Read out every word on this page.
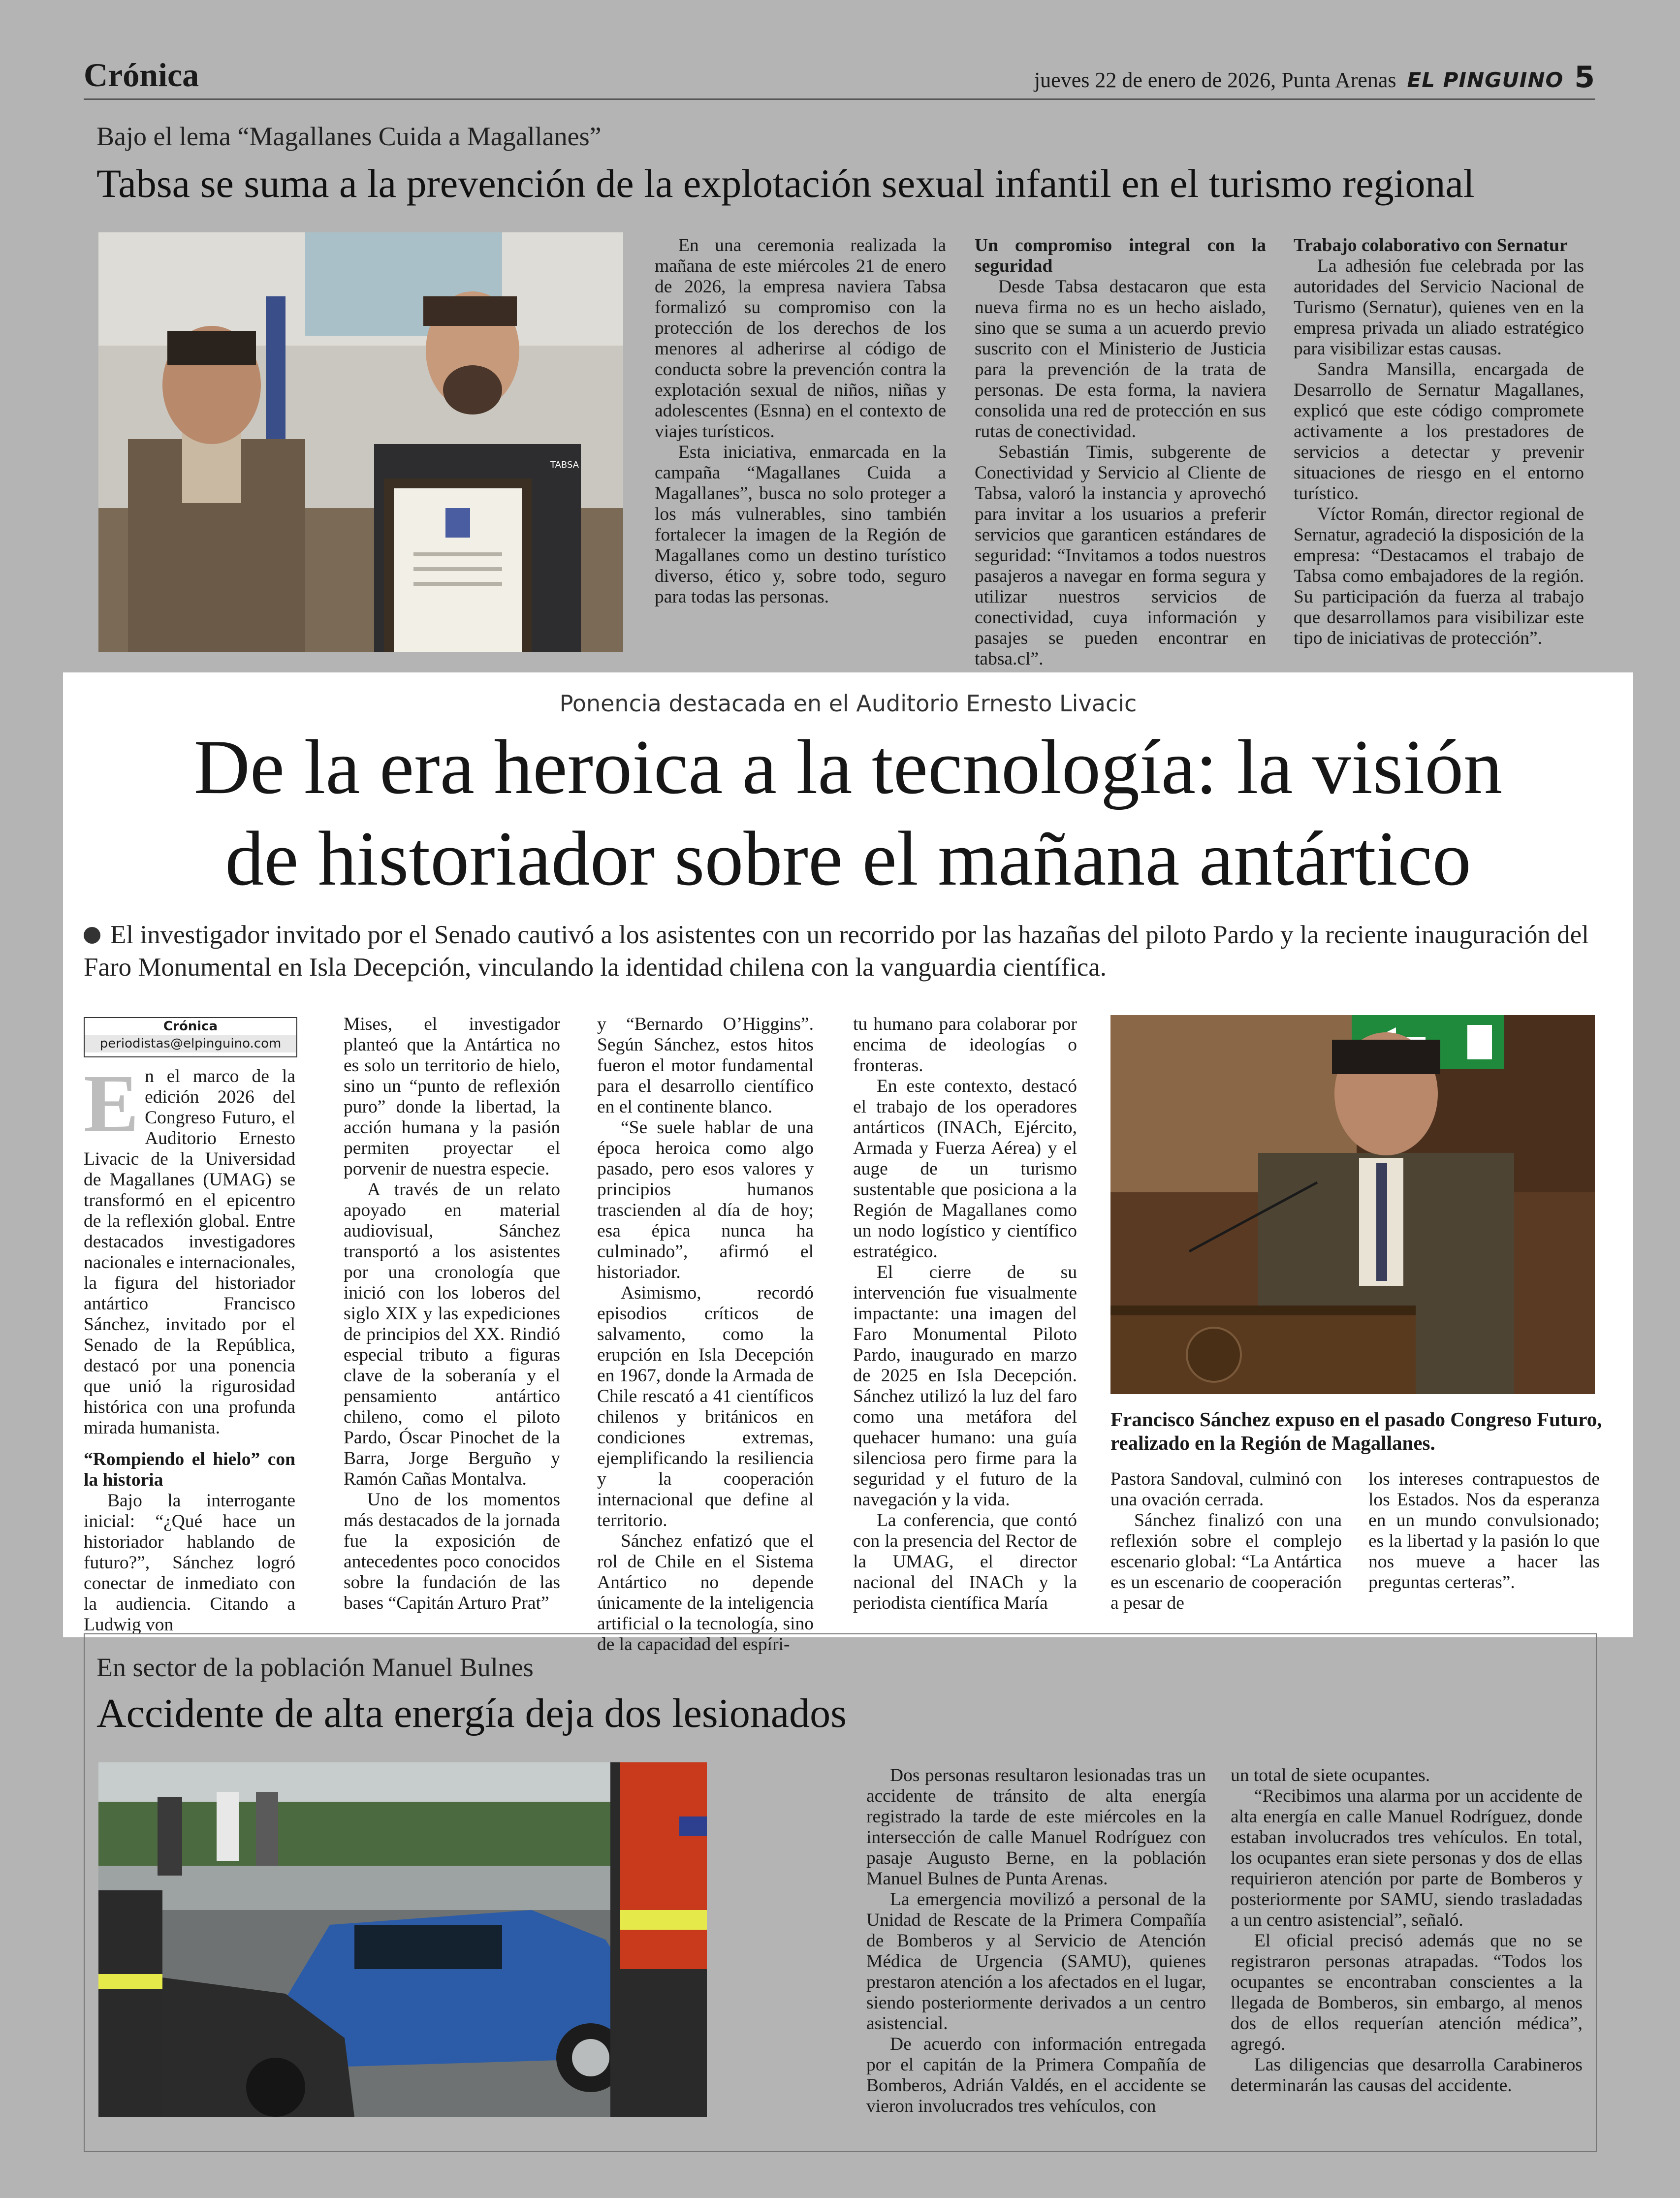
Crónica	jueves 22 de enero de 2026, Punta Arenas EL PINGUINO 5
Bajo el lema “Magallanes Cuida a Magallanes”
Tabsa se suma a la prevención de la explotación sexual infantil en el turismo regional
TABSA

En una ceremonia realizada la mañana de este miércoles 21 de enero de 2026, la empresa naviera Tabsa formalizó su compromiso con la protección de los derechos de los menores al adherirse al código de conducta sobre la prevención contra la explotación sexual de niños, niñas y adolescentes (Esnna) en el contexto de viajes turísticos.

Esta iniciativa, enmarcada en la campaña “Magallanes Cuida a Magallanes”, busca no solo proteger a los más vulnerables, sino también fortalecer la imagen de la Región de Magallanes como un destino turístico diverso, ético y, sobre todo, seguro para todas las personas.

Un compromiso integral con la seguridad

Desde Tabsa destacaron que esta nueva firma no es un hecho aislado, sino que se suma a un acuerdo previo suscrito con el Ministerio de Justicia para la prevención de la trata de personas. De esta forma, la naviera consolida una red de protección en sus rutas de conectividad.

Sebastián Timis, subgerente de Conectividad y Servicio al Cliente de Tabsa, valoró la instancia y aprovechó para invitar a los usuarios a preferir servicios que garanticen estándares de seguridad: “Invitamos a todos nuestros pasajeros a navegar en forma segura y utilizar nuestros servicios de conectividad, cuya información y pasajes se pueden encontrar en tabsa.cl”.

Trabajo colaborativo con Sernatur

La adhesión fue celebrada por las autoridades del Servicio Nacional de Turismo (Sernatur), quienes ven en la empresa privada un aliado estratégico para visibilizar estas causas.

Sandra Mansilla, encargada de Desarrollo de Sernatur Magallanes, explicó que este código compromete activamente a los prestadores de servicios a detectar y prevenir situaciones de riesgo en el entorno turístico.

Víctor Román, director regional de Sernatur, agradeció la disposición de la empresa: “Destacamos el trabajo de Tabsa como embajadores de la región. Su participación da fuerza al trabajo que desarrollamos para visibilizar este tipo de iniciativas de protección”.

Ponencia destacada en el Auditorio Ernesto Livacic
De la era heroica a la tecnología: la visión
de historiador sobre el mañana antártico
El investigador invitado por el Senado cautivó a los asistentes con un recorrido por las hazañas del piloto Pardo y la reciente inauguración del Faro Monumental en Isla Decepción, vinculando la identidad chilena con la vanguardia científica.
Crónica
periodistas@elpinguino.com
E n el marco de la edición 2026 del Congreso Futuro, el Auditorio Ernesto Livacic de la Universidad de Magallanes (UMAG) se transformó en el epicentro de la reflexión global. Entre destacados investigadores nacionales e internacionales, la figura del historiador antártico Francisco Sánchez, invitado por el Senado de la República, destacó por una ponencia que unió la rigurosidad histórica con una profunda mirada humanista.

“Rompiendo el hielo” con la historia

Bajo la interrogante inicial: “¿Qué hace un historiador hablando de futuro?”, Sánchez logró conectar de inmediato con la audiencia. Citando a Ludwig von

Mises, el investigador planteó que la Antártica no es solo un territorio de hielo, sino un “punto de reflexión puro” donde la libertad, la acción humana y la pasión permiten proyectar el porvenir de nuestra especie.

A través de un relato apoyado en material audiovisual, Sánchez transportó a los asistentes por una cronología que inició con los loberos del siglo XIX y las expediciones de principios del XX. Rindió especial tributo a figuras clave de la soberanía y el pensamiento antártico chileno, como el piloto Pardo, Óscar Pinochet de la Barra, Jorge Berguño y Ramón Cañas Montalva.

Uno de los momentos más destacados de la jornada fue la exposición de antecedentes poco conocidos sobre la fundación de las bases “Capitán Arturo Prat”

y “Bernardo O’Higgins”. Según Sánchez, estos hitos fueron el motor fundamental para el desarrollo científico en el continente blanco.

“Se suele hablar de una época heroica como algo pasado, pero esos valores y principios humanos trascienden al día de hoy; esa épica nunca ha culminado”, afirmó el historiador.

Asimismo, recordó episodios críticos de salvamento, como la erupción en Isla Decepción en 1967, donde la Armada de Chile rescató a 41 científicos chilenos y británicos en condiciones extremas, ejemplificando la resiliencia y la cooperación internacional que define al territorio.

Sánchez enfatizó que el rol de Chile en el Sistema Antártico no depende únicamente de la inteligencia artificial o la tecnología, sino de la capacidad del espíri-

tu humano para colaborar por encima de ideologías o fronteras.

En este contexto, destacó el trabajo de los operadores antárticos (INACh, Ejército, Armada y Fuerza Aérea) y el auge de un turismo sustentable que posiciona a la Región de Magallanes como un nodo logístico y científico estratégico.

El cierre de su intervención fue visualmente impactante: una imagen del Faro Monumental Piloto Pardo, inaugurado en marzo de 2025 en Isla Decepción. Sánchez utilizó la luz del faro como una metáfora del quehacer humano: una guía silenciosa pero firme para la seguridad y el futuro de la navegación y la vida.

La conferencia, que contó con la presencia del Rector de la UMAG, el director nacional del INACh y la periodista científica María

Francisco Sánchez expuso en el pasado Congreso Futuro, realizado en la Región de Magallanes.

Pastora Sandoval, culminó con una ovación cerrada.

Sánchez finalizó con una reflexión sobre el complejo escenario global: “La Antártica es un escenario de cooperación a pesar de

los intereses contrapuestos de los Estados. Nos da esperanza en un mundo convulsionado; es la libertad y la pasión lo que nos mueve a hacer las preguntas certeras”.

En sector de la población Manuel Bulnes
Accidente de alta energía deja dos lesionados

Dos personas resultaron lesionadas tras un accidente de tránsito de alta energía registrado la tarde de este miércoles en la intersección de calle Manuel Rodríguez con pasaje Augusto Berne, en la población Manuel Bulnes de Punta Arenas.

La emergencia movilizó a personal de la Unidad de Rescate de la Primera Compañía de Bomberos y al Servicio de Atención Médica de Urgencia (SAMU), quienes prestaron atención a los afectados en el lugar, siendo posteriormente derivados a un centro asistencial.

De acuerdo con información entregada por el capitán de la Primera Compañía de Bomberos, Adrián Valdés, en el accidente se vieron involucrados tres vehículos, con

un total de siete ocupantes.

“Recibimos una alarma por un accidente de alta energía en calle Manuel Rodríguez, donde estaban involucrados tres vehículos. En total, los ocupantes eran siete personas y dos de ellas requirieron atención por parte de Bomberos y posteriormente por SAMU, siendo trasladadas a un centro asistencial”, señaló.

El oficial precisó además que no se registraron personas atrapadas. “Todos los ocupantes se encontraban conscientes a la llegada de Bomberos, sin embargo, al menos dos de ellos requerían atención médica”, agregó.

Las diligencias que desarrolla Carabineros determinarán las causas del accidente.
